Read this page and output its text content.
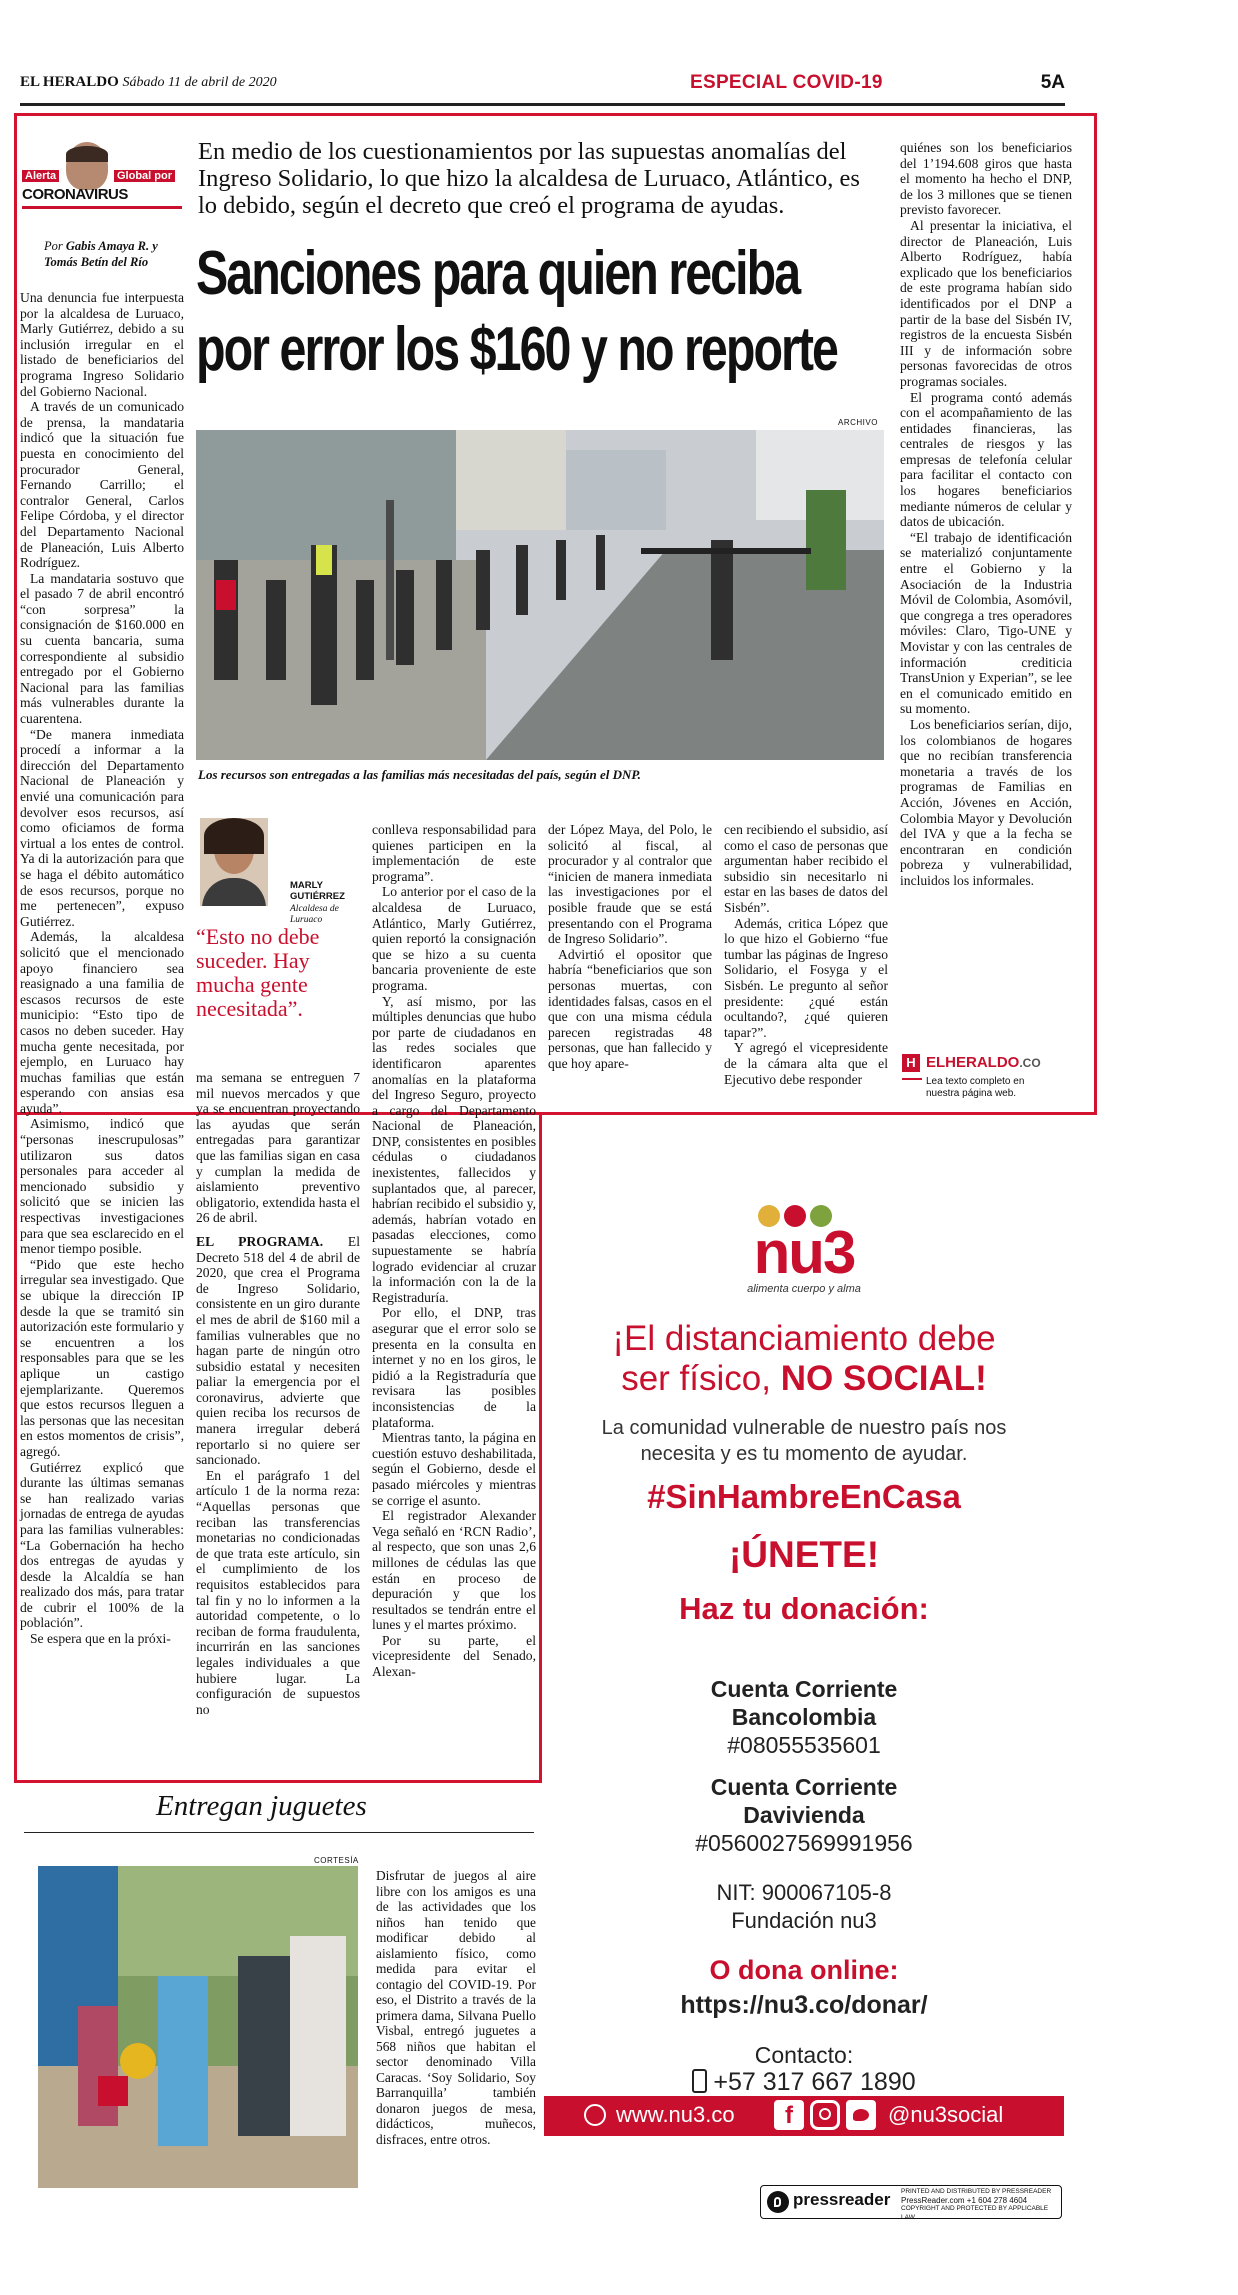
EL HERALDO Sábado 11 de abril de 2020	ESPECIAL COVID-19	5A
Alerta	Global por
CORONAVIRUS
En medio de los cuestionamientos por las supuestas anomalías del Ingreso Solidario, lo que hizo la alcaldesa de Luruaco, Atlántico, es lo debido, según el decreto que creó el programa de ayudas.
Por Gabis Amaya R. y Tomás Betín del Río Sanciones para quien reciba
por error los $160 y no reporte
ARCHIVO
Los recursos son entregadas a las familias más necesitadas del país, según el DNP.

Una denuncia fue interpuesta por la alcaldesa de Luruaco, Marly Gutiérrez, debido a su inclusión irregular en el listado de beneficiarios del programa Ingreso Solidario del Gobierno Nacional.

A través de un comunicado de prensa, la mandataria indicó que la situación fue puesta en conocimiento del procurador General, Fernando Carrillo; el contralor General, Carlos Felipe Córdoba, y el director del Departamento Nacional de Planeación, Luis Alberto Rodríguez.

La mandataria sostuvo que el pasado 7 de abril encontró “con sorpresa” la consignación de $160.000 en su cuenta bancaria, suma correspondiente al subsidio entregado por el Gobierno Nacional para las familias más vulnerables durante la cuarentena.

“De manera inmediata procedí a informar a la dirección del Departamento Nacional de Planeación y envié una comunicación para devolver esos recursos, así como oficiamos de forma virtual a los entes de control. Ya di la autorización para que se haga el débito automático de esos recursos, porque no me pertenecen”, expuso Gutiérrez.

Además, la alcaldesa solicitó que el mencionado apoyo financiero sea reasignado a una familia de escasos recursos de este municipio: “Esto tipo de casos no deben suceder. Hay mucha gente necesitada, por ejemplo, en Luruaco hay muchas familias que están esperando con ansias esa ayuda”.

Asimismo, indicó que “personas inescrupulosas” utilizaron sus datos personales para acceder al mencionado subsidio y solicitó que se inicien las respectivas investigaciones para que sea esclarecido en el menor tiempo posible.

“Pido que este hecho irregular sea investigado. Que se ubique la dirección IP desde la que se tramitó sin autorización este formulario y se encuentren a los responsables para que se les aplique un castigo ejemplarizante. Queremos que estos recursos lleguen a las personas que las necesitan en estos momentos de crisis”, agregó.

Gutiérrez explicó que durante las últimas semanas se han realizado varias jornadas de entrega de ayudas para las familias vulnerables: “La Gobernación ha hecho dos entregas de ayudas y desde la Alcaldía se han realizado dos más, para tratar de cubrir el 100% de la población”.

Se espera que en la próxi-

MARLY GUTIÉRREZ
Alcaldesa de Luruaco
“Esto no debe suceder. Hay mucha gente necesitada”.

ma semana se entreguen 7 mil nuevos mercados y que ya se encuentran proyectando las ayudas que serán entregadas para garantizar que las familias sigan en casa y cumplan la medida de aislamiento preventivo obligatorio, extendida hasta el 26 de abril.

EL PROGRAMA. El Decreto 518 del 4 de abril de 2020, que crea el Programa de Ingreso Solidario, consistente en un giro durante el mes de abril de $160 mil a familias vulnerables que no hagan parte de ningún otro subsidio estatal y necesiten paliar la emergencia por el coronavirus, advierte que quien reciba los recursos de manera irregular deberá reportarlo si no quiere ser sancionado.

En el parágrafo 1 del artículo 1 de la norma reza: “Aquellas personas que reciban las transferencias monetarias no condicionadas de que trata este artículo, sin el cumplimiento de los requisitos establecidos para tal fin y no lo informen a la autoridad competente, o lo reciban de forma fraudulenta, incurrirán en las sanciones legales individuales a que hubiere lugar. La configuración de supuestos no

conlleva responsabilidad para quienes participen en la implementación de este programa”.

Lo anterior por el caso de la alcaldesa de Luruaco, Atlántico, Marly Gutiérrez, quien reportó la consignación que se hizo a su cuenta bancaria proveniente de este programa.

Y, así mismo, por las múltiples denuncias que hubo por parte de ciudadanos en las redes sociales que identificaron aparentes anomalías en la plataforma del Ingreso Seguro, proyecto a cargo del Departamento Nacional de Planeación, DNP, consistentes en posibles cédulas o ciudadanos inexistentes, fallecidos y suplantados que, al parecer, habrían recibido el subsidio y, además, habrían votado en pasadas elecciones, como supuestamente se habría logrado evidenciar al cruzar la información con la de la Registraduría.

Por ello, el DNP, tras asegurar que el error solo se presenta en la consulta en internet y no en los giros, le pidió a la Registraduría que revisara las posibles inconsistencias de la plataforma.

Mientras tanto, la página en cuestión estuvo deshabilitada, según el Gobierno, desde el pasado miércoles y mientras se corrige el asunto.

El registrador Alexander Vega señaló en ‘RCN Radio’, al respecto, que son unas 2,6 millones de cédulas las que están en proceso de depuración y que los resultados se tendrán entre el lunes y el martes próximo.

Por su parte, el vicepresidente del Senado, Alexan-

der López Maya, del Polo, le solicitó al fiscal, al procurador y al contralor que “inicien de manera inmediata las investigaciones por el posible fraude que se está presentando con el Programa de Ingreso Solidario”.

Advirtió el opositor que habría “beneficiarios que son personas muertas, con identidades falsas, casos en el que con una misma cédula parecen registradas 48 personas, que han fallecido y que hoy apare-

cen recibiendo el subsidio, así como el caso de personas que argumentan haber recibido el subsidio sin necesitarlo ni estar en las bases de datos del Sisbén”.

Además, critica López que lo que hizo el Gobierno “fue tumbar las páginas de Ingreso Solidario, el Fosyga y el Sisbén. Le pregunto al señor presidente: ¿qué están ocultando?, ¿qué quieren tapar?”.

Y agregó el vicepresidente de la cámara alta que el Ejecutivo debe responder

quiénes son los beneficiarios del 1’194.608 giros que hasta el momento ha hecho el DNP, de los 3 millones que se tienen previsto favorecer.

Al presentar la iniciativa, el director de Planeación, Luis Alberto Rodríguez, había explicado que los beneficiarios de este programa habían sido identificados por el DNP a partir de la base del Sisbén IV, registros de la encuesta Sisbén III y de información sobre personas favorecidas de otros programas sociales.

El programa contó además con el acompañamiento de las entidades financieras, las centrales de riesgos y las empresas de telefonía celular para facilitar el contacto con los hogares beneficiarios mediante números de celular y datos de ubicación.

“El trabajo de identificación se materializó conjuntamente entre el Gobierno y la Asociación de la Industria Móvil de Colombia, Asomóvil, que congrega a tres operadores móviles: Claro, Tigo-UNE y Movistar y con las centrales de información crediticia TransUnion y Experian”, se lee en el comunicado emitido en su momento.

Los beneficiarios serían, dijo, los colombianos de hogares que no recibían transferencia monetaria a través de los programas de Familias en Acción, Jóvenes en Acción, Colombia Mayor y Devolución del IVA y que a la fecha se encontraran en condición pobreza y vulnerabilidad, incluidos los informales.

H ELHERALDO.CO
Lea texto completo en nuestra página web.
Entregan juguetes
CORTESÍA
Disfrutar de juegos al aire libre con los amigos es una de las actividades que los niños han tenido que modificar debido al aislamiento físico, como medida para evitar el contagio del COVID-19. Por eso, el Distrito a través de la primera dama, Silvana Puello Visbal, entregó juguetes a 568 niños que habitan el sector denominado Villa Caracas. ‘Soy Solidario, Soy Barranquilla’ también donaron juegos de mesa, didácticos, muñecos, disfraces, entre otros.
nu3
alimenta cuerpo y alma
¡El distanciamiento debe
ser físico, NO SOCIAL!
La comunidad vulnerable de nuestro país nos
necesita y es tu momento de ayudar.
#SinHambreEnCasa
¡ÚNETE!
Haz tu donación:
Cuenta Corriente
Bancolombia
#08055535601
Cuenta Corriente
Davivienda
#0560027569991956
NIT: 900067105-8
Fundación nu3
O dona online:
https://nu3.co/donar/
Contacto:
+57 317 667 1890
www.nu3.co	f	@nu3social
pressreader PRINTED AND DISTRIBUTED BY PRESSREADER
PressReader.com +1 604 278 4604
COPYRIGHT AND PROTECTED BY APPLICABLE LAW
